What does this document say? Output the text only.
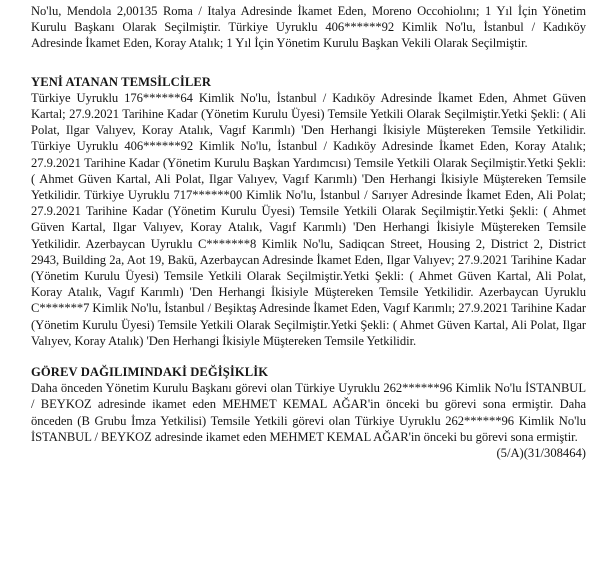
No'lu, Mendola 2,00135 Roma / Italya Adresinde İkamet Eden, Moreno Occohiolını; 1 Yıl İçin Yönetim Kurulu Başkanı Olarak Seçilmiştir. Türkiye Uyruklu 406******92 Kimlik No'lu, İstanbul / Kadıköy Adresinde İkamet Eden, Koray Atalık; 1 Yıl İçin Yönetim Kurulu Başkan Vekili Olarak Seçilmiştir.

YENİ ATANAN TEMSİLCİLER

Türkiye Uyruklu 176******64 Kimlik No'lu, İstanbul / Kadıköy Adresinde İkamet Eden, Ahmet Güven Kartal; 27.9.2021 Tarihine Kadar (Yönetim Kurulu Üyesi) Temsile Yetkili Olarak Seçilmiştir.Yetki Şekli: ( Ali Polat, Ilgar Valıyev, Koray Atalık, Vagıf Karımlı) 'Den Herhangi İkisiyle Müştereken Temsile Yetkilidir. Türkiye Uyruklu 406******92 Kimlik No'lu, İstanbul / Kadıköy Adresinde İkamet Eden, Koray Atalık; 27.9.2021 Tarihine Kadar (Yönetim Kurulu Başkan Yardımcısı) Temsile Yetkili Olarak Seçilmiştir.Yetki Şekli: ( Ahmet Güven Kartal, Ali Polat, Ilgar Valıyev, Vagıf Karımlı) 'Den Herhangi İkisiyle Müştereken Temsile Yetkilidir. Türkiye Uyruklu 717******00 Kimlik No'lu, İstanbul / Sarıyer Adresinde İkamet Eden, Ali Polat; 27.9.2021 Tarihine Kadar (Yönetim Kurulu Üyesi) Temsile Yetkili Olarak Seçilmiştir.Yetki Şekli: ( Ahmet Güven Kartal, Ilgar Valıyev, Koray Atalık, Vagıf Karımlı) 'Den Herhangi İkisiyle Müştereken Temsile Yetkilidir. Azerbaycan Uyruklu C*******8 Kimlik No'lu, Sadiqcan Street, Housing 2, District 2, District 2943, Building 2a, Aot 19, Bakü, Azerbaycan Adresinde İkamet Eden, Ilgar Valıyev; 27.9.2021 Tarihine Kadar (Yönetim Kurulu Üyesi) Temsile Yetkili Olarak Seçilmiştir.Yetki Şekli: ( Ahmet Güven Kartal, Ali Polat, Koray Atalık, Vagıf Karımlı) 'Den Herhangi İkisiyle Müştereken Temsile Yetkilidir. Azerbaycan Uyruklu C*******7 Kimlik No'lu, İstanbul / Beşiktaş Adresinde İkamet Eden, Vagıf Karımlı; 27.9.2021 Tarihine Kadar (Yönetim Kurulu Üyesi) Temsile Yetkili Olarak Seçilmiştir.Yetki Şekli: ( Ahmet Güven Kartal, Ali Polat, Ilgar Valıyev, Koray Atalık) 'Den Herhangi İkisiyle Müştereken Temsile Yetkilidir.

GÖREV DAĞILIMINDAKİ DEĞİŞİKLİK

Daha önceden Yönetim Kurulu Başkanı görevi olan Türkiye Uyruklu 262******96 Kimlik No'lu İSTANBUL / BEYKOZ adresinde ikamet eden MEHMET KEMAL AĞAR'in önceki bu görevi sona ermiştir. Daha önceden (B Grubu İmza Yetkilisi) Temsile Yetkili görevi olan Türkiye Uyruklu 262******96 Kimlik No'lu İSTANBUL / BEYKOZ adresinde ikamet eden MEHMET KEMAL AĞAR'in önceki bu görevi sona ermiştir.

(5/A)(31/308464)
